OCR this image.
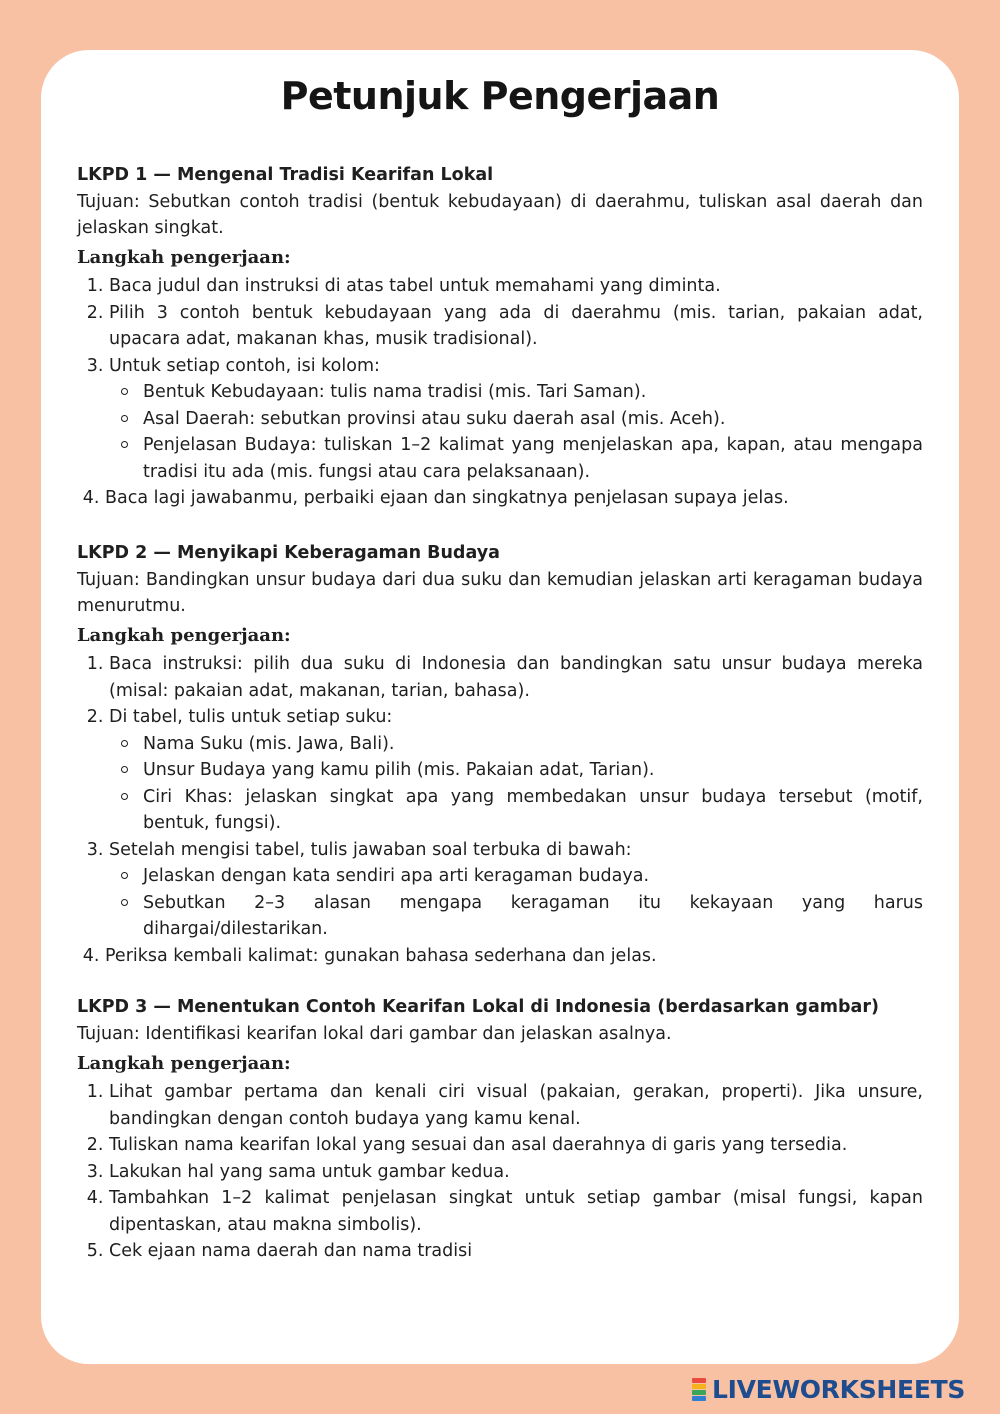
Petunjuk Pengerjaan

LKPD 1 — Mengenal Tradisi Kearifan Lokal

Tujuan: Sebutkan contoh tradisi (bentuk kebudayaan) di daerahmu, tuliskan asal daerah dan jelaskan singkat.

Langkah pengerjaan:

1. Baca judul dan instruksi di atas tabel untuk memahami yang diminta.
2. Pilih 3 contoh bentuk kebudayaan yang ada di daerahmu (mis. tarian, pakaian adat, upacara adat, makanan khas, musik tradisional).
3. Untuk setiap contoh, isi kolom:
Bentuk Kebudayaan: tulis nama tradisi (mis. Tari Saman).
Asal Daerah: sebutkan provinsi atau suku daerah asal (mis. Aceh).
Penjelasan Budaya: tuliskan 1–2 kalimat yang menjelaskan apa, kapan, atau mengapa tradisi itu ada (mis. fungsi atau cara pelaksanaan).
4. Baca lagi jawabanmu, perbaiki ejaan dan singkatnya penjelasan supaya jelas.

LKPD 2 — Menyikapi Keberagaman Budaya

Tujuan: Bandingkan unsur budaya dari dua suku dan kemudian jelaskan arti keragaman budaya menurutmu.

Langkah pengerjaan:

1. Baca instruksi: pilih dua suku di Indonesia dan bandingkan satu unsur budaya mereka (misal: pakaian adat, makanan, tarian, bahasa).
2. Di tabel, tulis untuk setiap suku:
Nama Suku (mis. Jawa, Bali).
Unsur Budaya yang kamu pilih (mis. Pakaian adat, Tarian).
Ciri Khas: jelaskan singkat apa yang membedakan unsur budaya tersebut (motif, bentuk, fungsi).
3. Setelah mengisi tabel, tulis jawaban soal terbuka di bawah:
Jelaskan dengan kata sendiri apa arti keragaman budaya.
Sebutkan 2–3 alasan mengapa keragaman itu kekayaan yang harus dihargai/dilestarikan.
4. Periksa kembali kalimat: gunakan bahasa sederhana dan jelas.

LKPD 3 — Menentukan Contoh Kearifan Lokal di Indonesia (berdasarkan gambar)

Tujuan: Identifikasi kearifan lokal dari gambar dan jelaskan asalnya.

Langkah pengerjaan:

1. Lihat gambar pertama dan kenali ciri visual (pakaian, gerakan, properti). Jika unsure, bandingkan dengan contoh budaya yang kamu kenal.
2. Tuliskan nama kearifan lokal yang sesuai dan asal daerahnya di garis yang tersedia.
3. Lakukan hal yang sama untuk gambar kedua.
4. Tambahkan 1–2 kalimat penjelasan singkat untuk setiap gambar (misal fungsi, kapan dipentaskan, atau makna simbolis).
5. Cek ejaan nama daerah dan nama tradisi
LIVEWORKSHEETS
